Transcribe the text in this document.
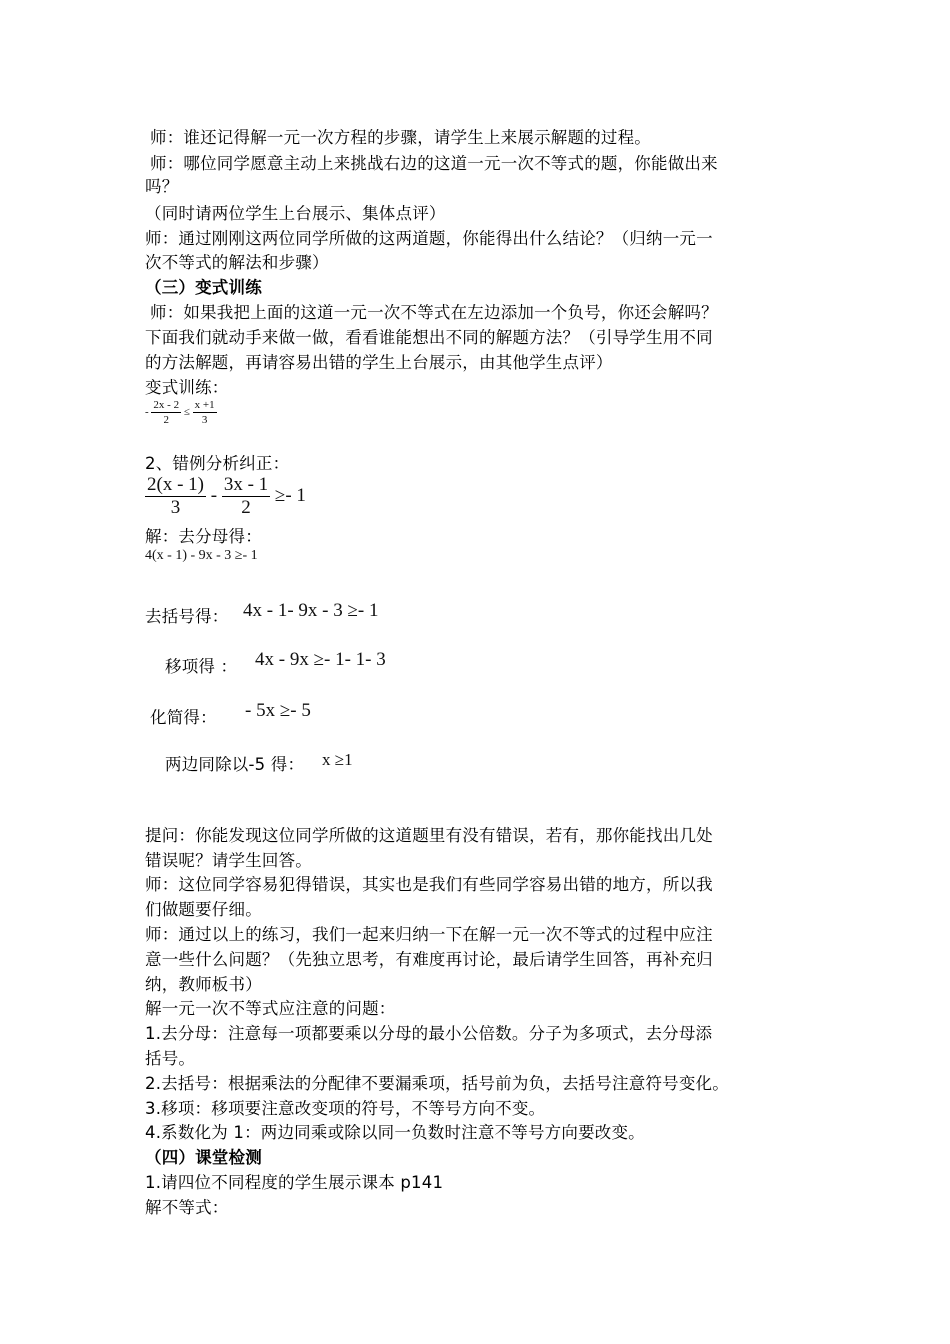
师：谁还记得解一元一次方程的步骤，请学生上来展示解题的过程。
师：哪位同学愿意主动上来挑战右边的这道一元一次不等式的题，你能做出来
吗？
（同时请两位学生上台展示、集体点评）
师：通过刚刚这两位同学所做的这两道题，你能得出什么结论？（归纳一元一
次不等式的解法和步骤）
（三）变式训练
师：如果我把上面的这道一元一次不等式在左边添加一个负号，你还会解吗？
下面我们就动手来做一做，看看谁能想出不同的解题方法？（引导学生用不同
的方法解题，再请容易出错的学生上台展示，由其他学生点评）
变式训练：
- $\frac{2x - 2}{2} \le \frac{x +1}{3}$
2、错例分析纠正：
$\frac{2(x - 1)}{3} - \frac{3x - 1}{2} \ge- 1$
解：去分母得：
4(x - 1) - 9x - 3 ≥- 1
去括号得： 4x - 1- 9x - 3 ≥- 1
移项得 ： 4x - 9x ≥- 1- 1- 3
化简得： - 5x ≥- 5
两边同除以-5 得： x ≥1
提问：你能发现这位同学所做的这道题里有没有错误，若有，那你能找出几处
错误呢？请学生回答。
师：这位同学容易犯得错误，其实也是我们有些同学容易出错的地方，所以我
们做题要仔细。
师：通过以上的练习，我们一起来归纳一下在解一元一次不等式的过程中应注
意一些什么问题？（先独立思考，有难度再讨论，最后请学生回答，再补充归
纳，教师板书）
解一元一次不等式应注意的问题：
1.去分母：注意每一项都要乘以分母的最小公倍数。分子为多项式，去分母添
括号。
2.去括号：根据乘法的分配律不要漏乘项，括号前为负，去括号注意符号变化。
3.移项：移项要注意改变项的符号，不等号方向不变。
4.系数化为 1：两边同乘或除以同一负数时注意不等号方向要改变。
（四）课堂检测
1.请四位不同程度的学生展示课本 p141
解不等式：
